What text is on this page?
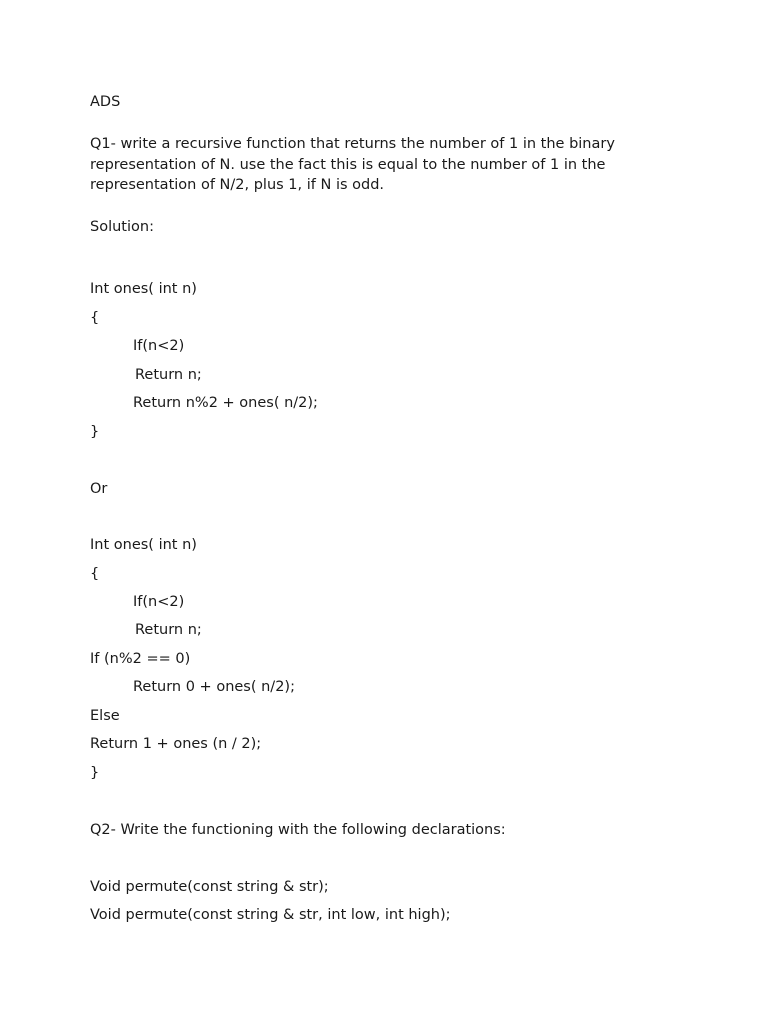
ADS
Q1- write a recursive function that returns the number of 1 in the binary representation of N. use the fact this is equal to the number of 1 in the representation of N/2, plus 1, if N is odd.
Solution:
Int ones( int n)
{
If(n<2)
Return n;
Return n%2 + ones( n/2);
}
Or
Int ones( int n)
{
If(n<2)
Return n;
If (n%2 == 0)
Return 0 + ones( n/2);
Else
Return 1 + ones (n / 2);
}
Q2- Write the functioning with the following declarations:
Void permute(const string & str);
Void permute(const string & str, int low, int high);
